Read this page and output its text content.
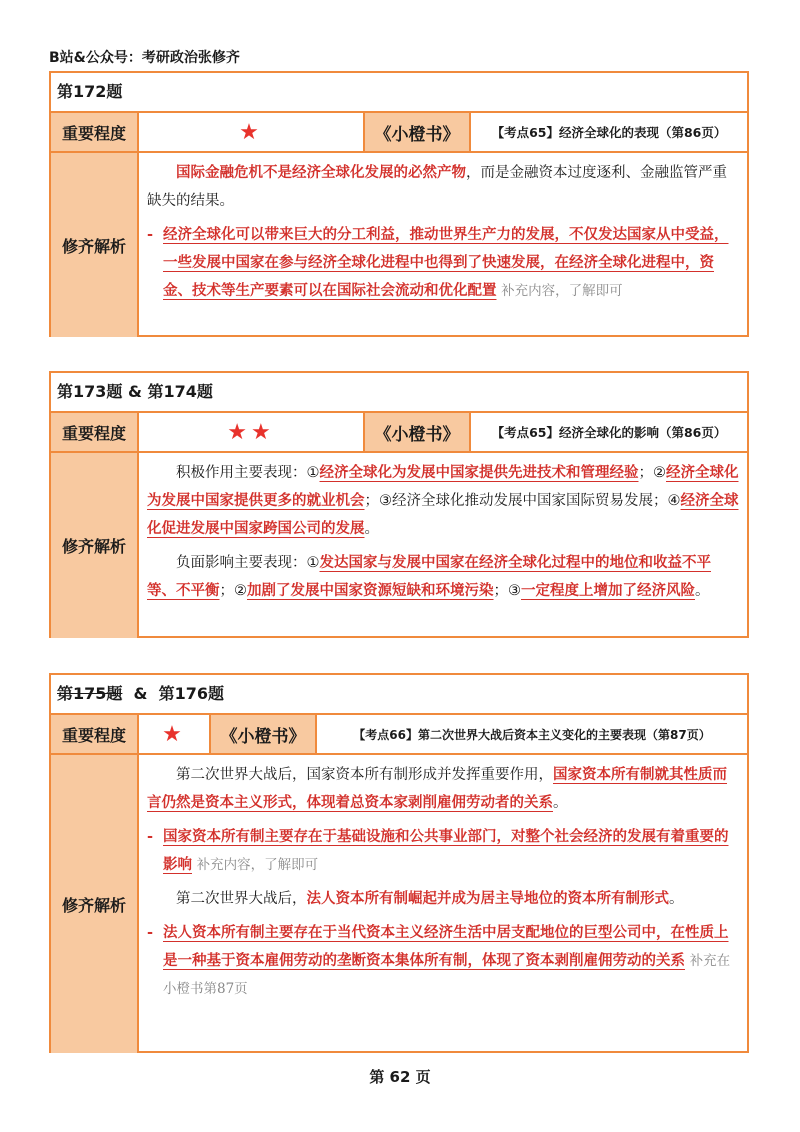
B站&公众号：考研政治张修齐
第172题
重要程度	★	《小橙书》	【考点65】经济全球化的表现（第86页）
修齐解析

国际金融危机不是经济全球化发展的必然产物，而是金融资本过度逐利、金融监管严重缺失的结果。

- 经济全球化可以带来巨大的分工利益，推动世界生产力的发展，不仅发达国家从中受益，一些发展中国家在参与经济全球化进程中也得到了快速发展，在经济全球化进程中，资金、技术等生产要素可以在国际社会流动和优化配置 补充内容，了解即可
第173题 & 第174题
重要程度	★★	《小橙书》	【考点65】经济全球化的影响（第86页）
修齐解析

积极作用主要表现：①经济全球化为发展中国家提供先进技术和管理经验；②经济全球化为发展中国家提供更多的就业机会；③经济全球化推动发展中国家国际贸易发展；④经济全球化促进发展中国家跨国公司的发展。

负面影响主要表现：①发达国家与发展中国家在经济全球化过程中的地位和收益不平等、不平衡；②加剧了发展中国家资源短缺和环境污染；③一定程度上增加了经济风险。

第175题  &  第176题
重要程度	★	《小橙书》	【考点66】第二次世界大战后资本主义变化的主要表现（第87页）
修齐解析

第二次世界大战后，国家资本所有制形成并发挥重要作用，国家资本所有制就其性质而言仍然是资本主义形式，体现着总资本家剥削雇佣劳动者的关系。

- 国家资本所有制主要存在于基础设施和公共事业部门，对整个社会经济的发展有着重要的影响 补充内容，了解即可

第二次世界大战后，法人资本所有制崛起并成为居主导地位的资本所有制形式。

- 法人资本所有制主要存在于当代资本主义经济生活中居支配地位的巨型公司中，在性质上是一种基于资本雇佣劳动的垄断资本集体所有制，体现了资本剥削雇佣劳动的关系 补充在小橙书第87页
第 62 页
